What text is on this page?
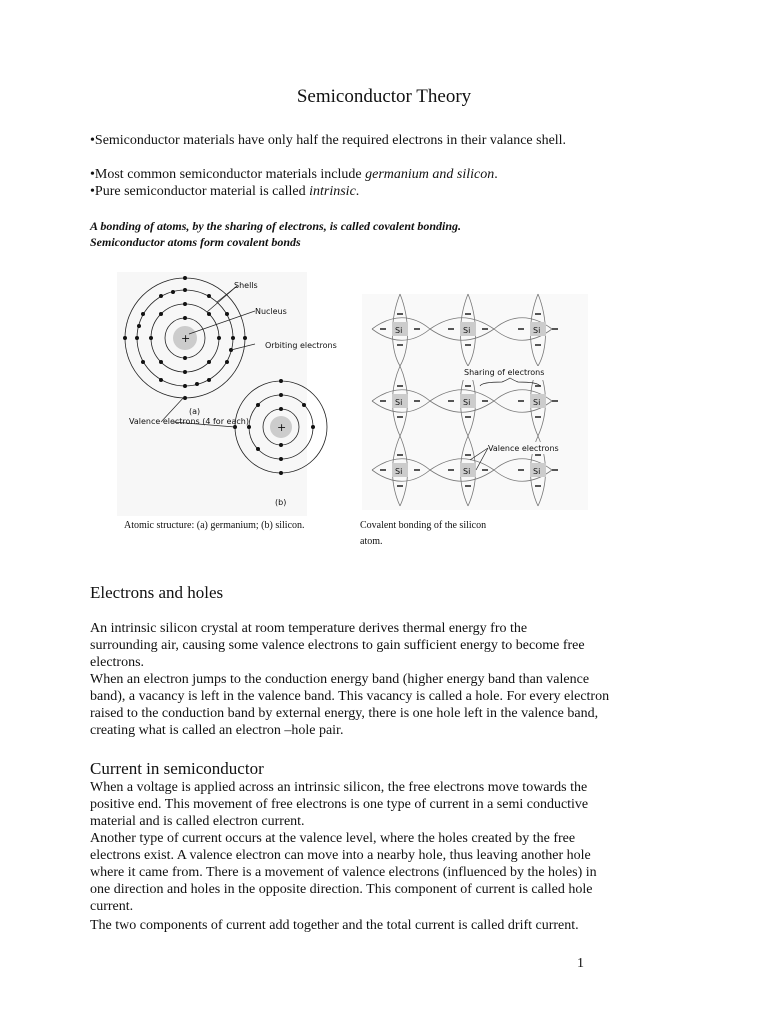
Semiconductor Theory
•Semiconductor materials have only half the required electrons in their valance shell.
•Most common semiconductor materials include germanium and silicon.
•Pure semiconductor material is called intrinsic.
A bonding of atoms, by the sharing of electrons, is called covalent bonding. Semiconductor atoms form covalent bonds
+
+
Shells
Nucleus
Orbiting electrons
Valence electrons (4 for each)
(a)
(b)
Atomic structure: (a) germanium; (b) silicon.
Si	Si	Si
Si	Si	Si
Si	Si	Si
Sharing of electrons
Valence electrons
Covalent bonding of the silicon atom.
Electrons and holes
An intrinsic silicon crystal at room temperature derives thermal energy fro the surrounding air, causing some valence electrons to gain sufficient energy to become free electrons.
When an electron jumps to the conduction energy band (higher energy band than valence band), a vacancy is left in the valence band. This vacancy is called a hole. For every electron raised to the conduction band by external energy, there is one hole left in the valence band, creating what is called an electron –hole pair.
Current in semiconductor
When a voltage is applied across an intrinsic silicon, the free electrons move towards the positive end. This movement of free electrons is one type of current in a semi conductive material and is called electron current.
Another type of current occurs at the valence level, where the holes created by the free electrons exist. A valence electron can move into a nearby hole, thus leaving another hole where it came from. There is a movement of valence electrons (influenced by the holes) in one direction and holes in the opposite direction. This component of current is called hole current.
The two components of current add together and the total current is called drift current.
1
